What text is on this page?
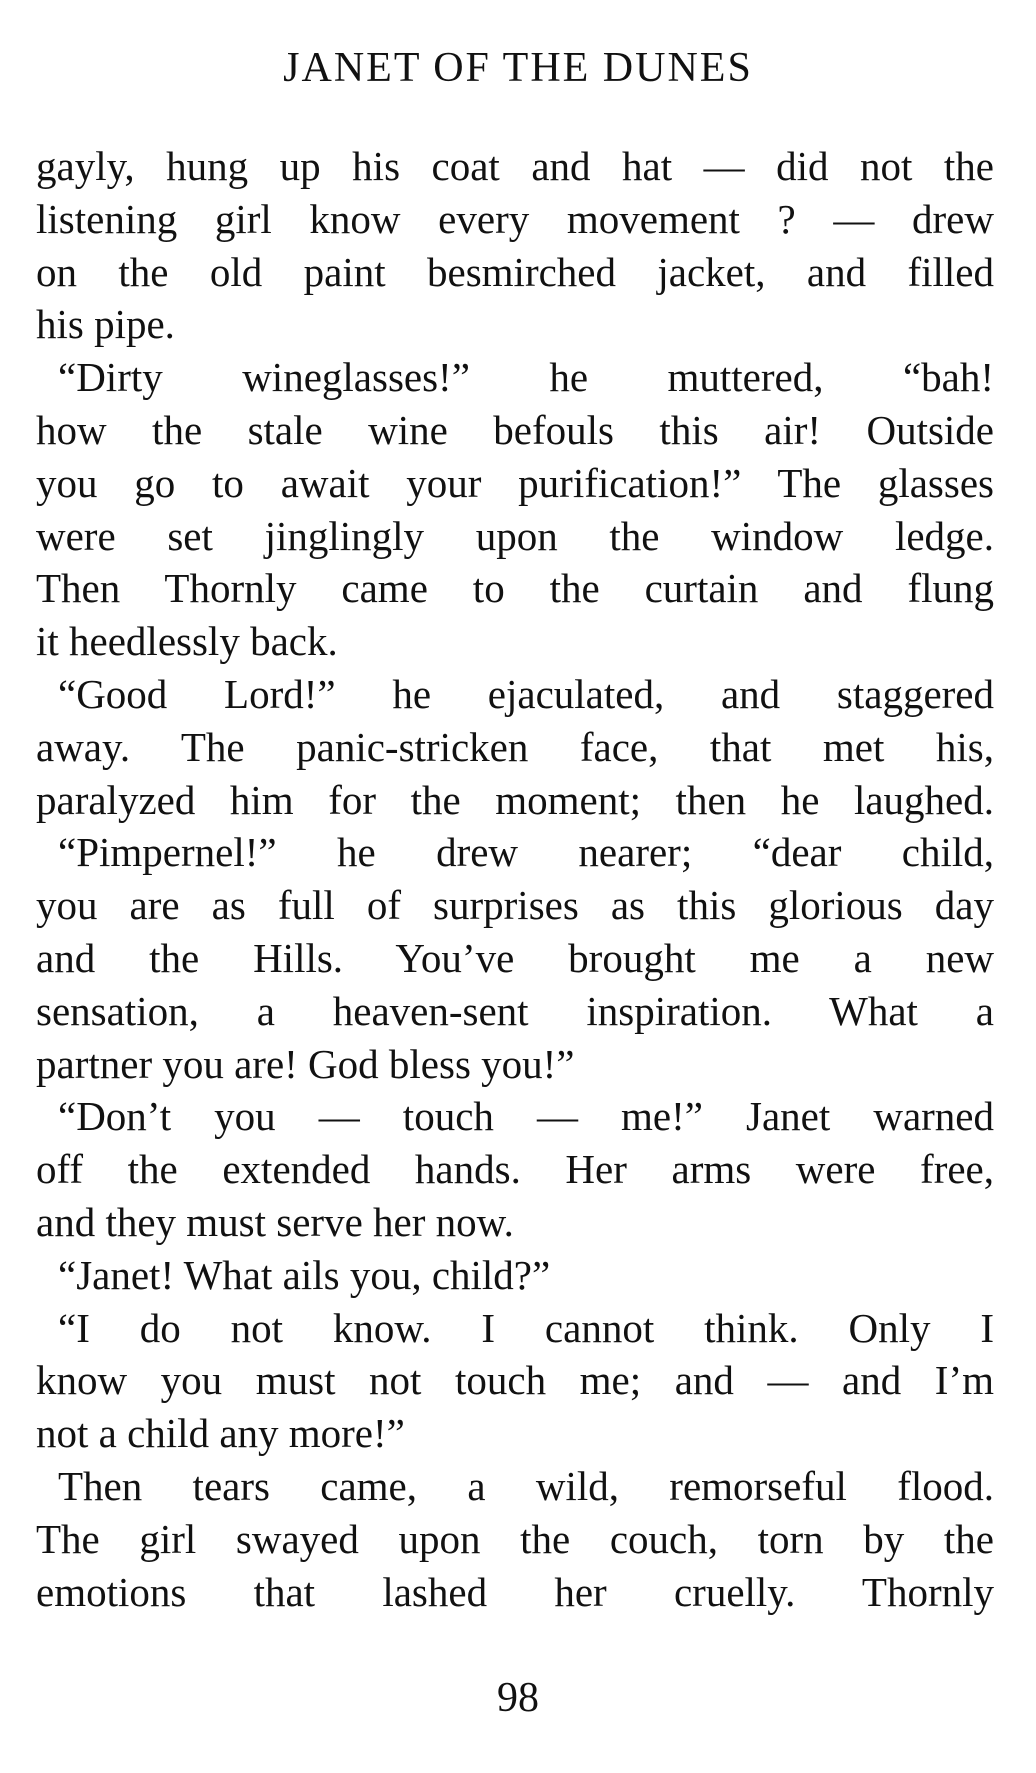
JANET OF THE DUNES
gayly, hung up his coat and hat — did not the
listening girl know every movement ? — drew
on the old paint besmirched jacket, and filled
his pipe.
“Dirty wineglasses!” he muttered, “bah!
how the stale wine befouls this air! Outside
you go to await your purification!” The glasses
were set jinglingly upon the window ledge.
Then Thornly came to the curtain and flung
it heedlessly back.
“Good Lord!” he ejaculated, and staggered
away. The panic-stricken face, that met his,
paralyzed him for the moment; then he laughed.
“Pimpernel!” he drew nearer; “dear child,
you are as full of surprises as this glorious day
and the Hills. You’ve brought me a new
sensation, a heaven-sent inspiration. What a
partner you are! God bless you!”
“Don’t you — touch — me!” Janet warned
off the extended hands. Her arms were free,
and they must serve her now.
“Janet! What ails you, child?”
“I do not know. I cannot think. Only I
know you must not touch me; and — and I’m
not a child any more!”
Then tears came, a wild, remorseful flood.
The girl swayed upon the couch, torn by the
emotions that lashed her cruelly. Thornly
98
